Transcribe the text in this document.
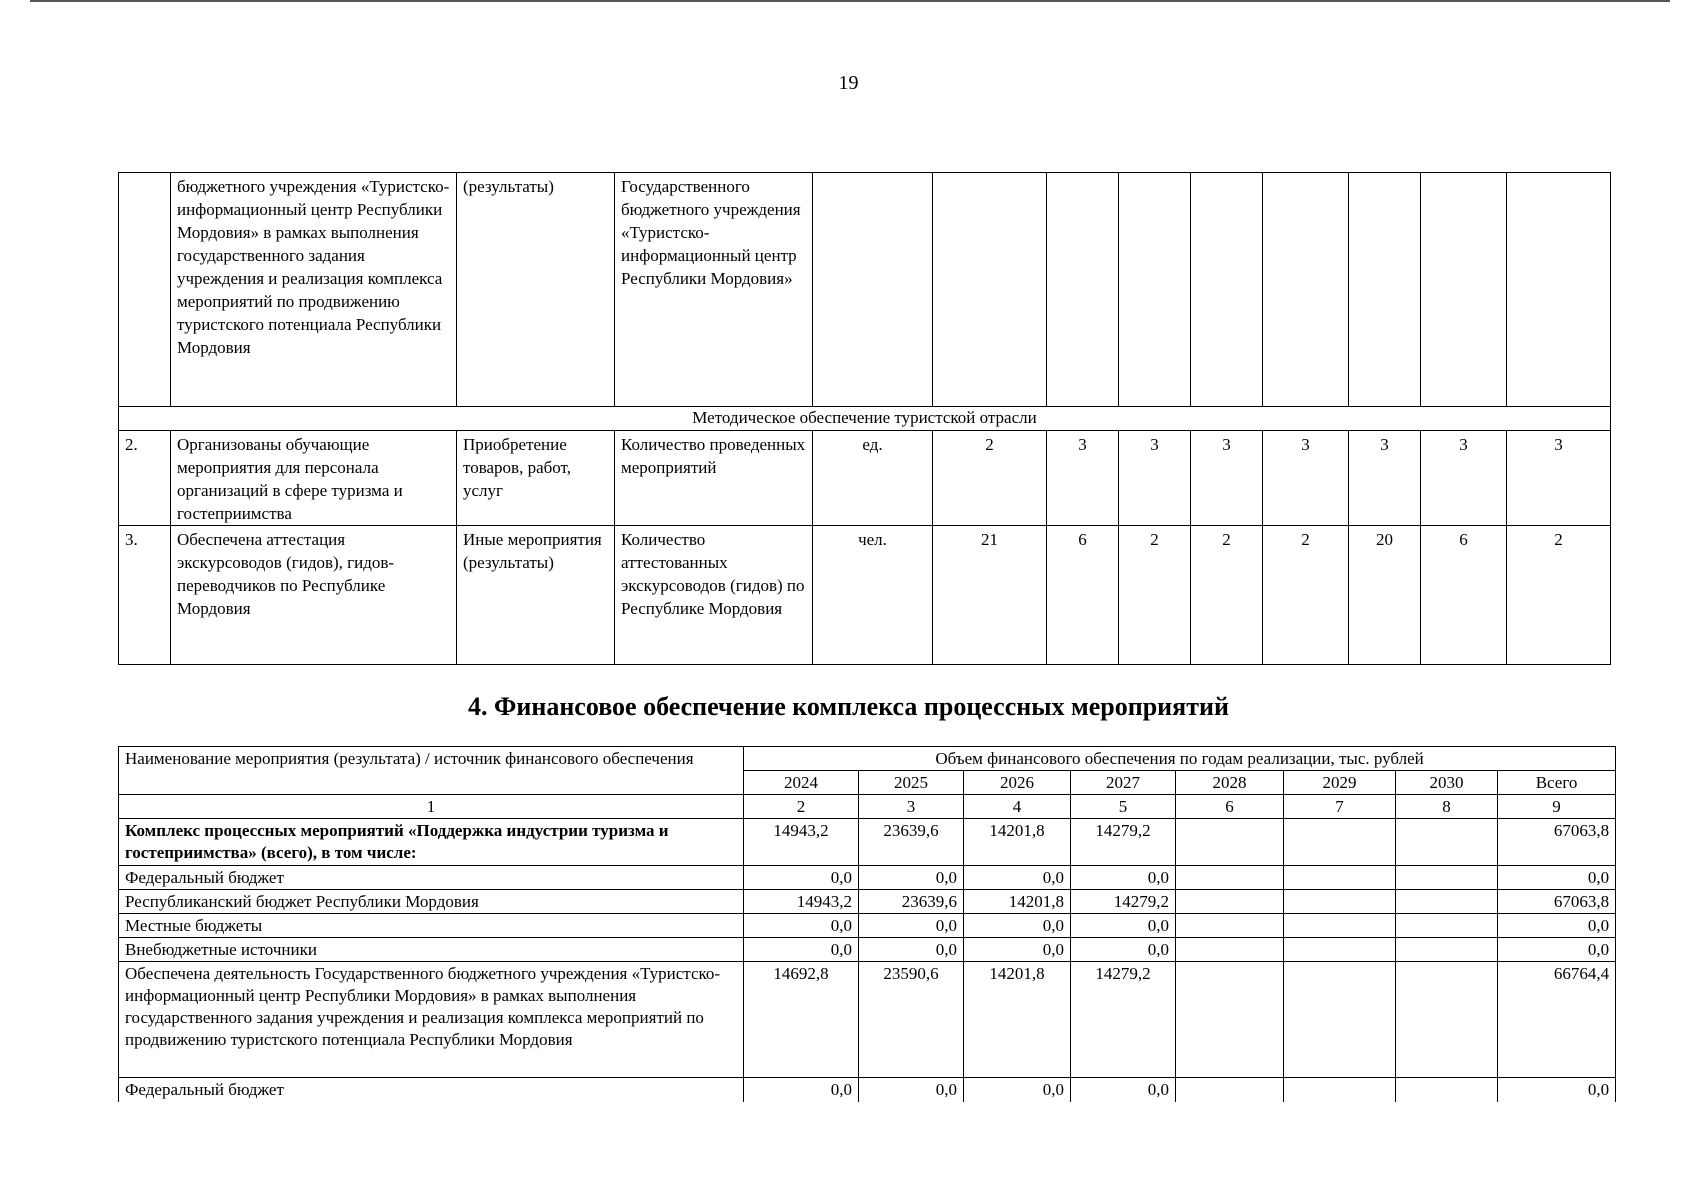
19
	бюджетного учреждения «Туристско-информационный центр Республики Мордовия» в рамках выполнения государственного задания учреждения и реализация комплекса мероприятий по продвижению туристского потенциала Республики Мордовия	(результаты)	Государственного бюджетного учреждения «Туристско-информационный центр Республики Мордовия»									
Методическое обеспечение туристской отрасли												
2.	Организованы обучающие мероприятия для персонала организаций в сфере туризма и гостеприимства	Приобретение товаров, работ, услуг	Количество проведенных мероприятий	ед.	2	3	3	3	3	3	3	3
3.	Обеспечена аттестация экскурсоводов (гидов), гидов-переводчиков по Республике Мордовия	Иные мероприятия (результаты)	Количество аттестованных экскурсоводов (гидов) по Республике Мордовия	чел.	21	6	2	2	2	20	6	2
4. Финансовое обеспечение комплекса процессных мероприятий
Наименование мероприятия (результата) / источник финансового обеспечения	Объем финансового обеспечения по годам реализации, тыс. рублей							
	2024	2025	2026	2027	2028	2029	2030	Всего
1	2	3	4	5	6	7	8	9
Комплекс процессных мероприятий «Поддержка индустрии туризма и гостеприимства» (всего), в том числе:	14943,2	23639,6	14201,8	14279,2				67063,8
Федеральный бюджет	0,0	0,0	0,0	0,0				0,0
Республиканский бюджет Республики Мордовия	14943,2	23639,6	14201,8	14279,2				67063,8
Местные бюджеты	0,0	0,0	0,0	0,0				0,0
Внебюджетные источники	0,0	0,0	0,0	0,0				0,0
Обеспечена деятельность Государственного бюджетного учреждения «Туристско-информационный центр Республики Мордовия» в рамках выполнения государственного задания учреждения и реализация комплекса мероприятий по продвижению туристского потенциала Республики Мордовия	14692,8	23590,6	14201,8	14279,2				66764,4
Федеральный бюджет	0,0	0,0	0,0	0,0				0,0
